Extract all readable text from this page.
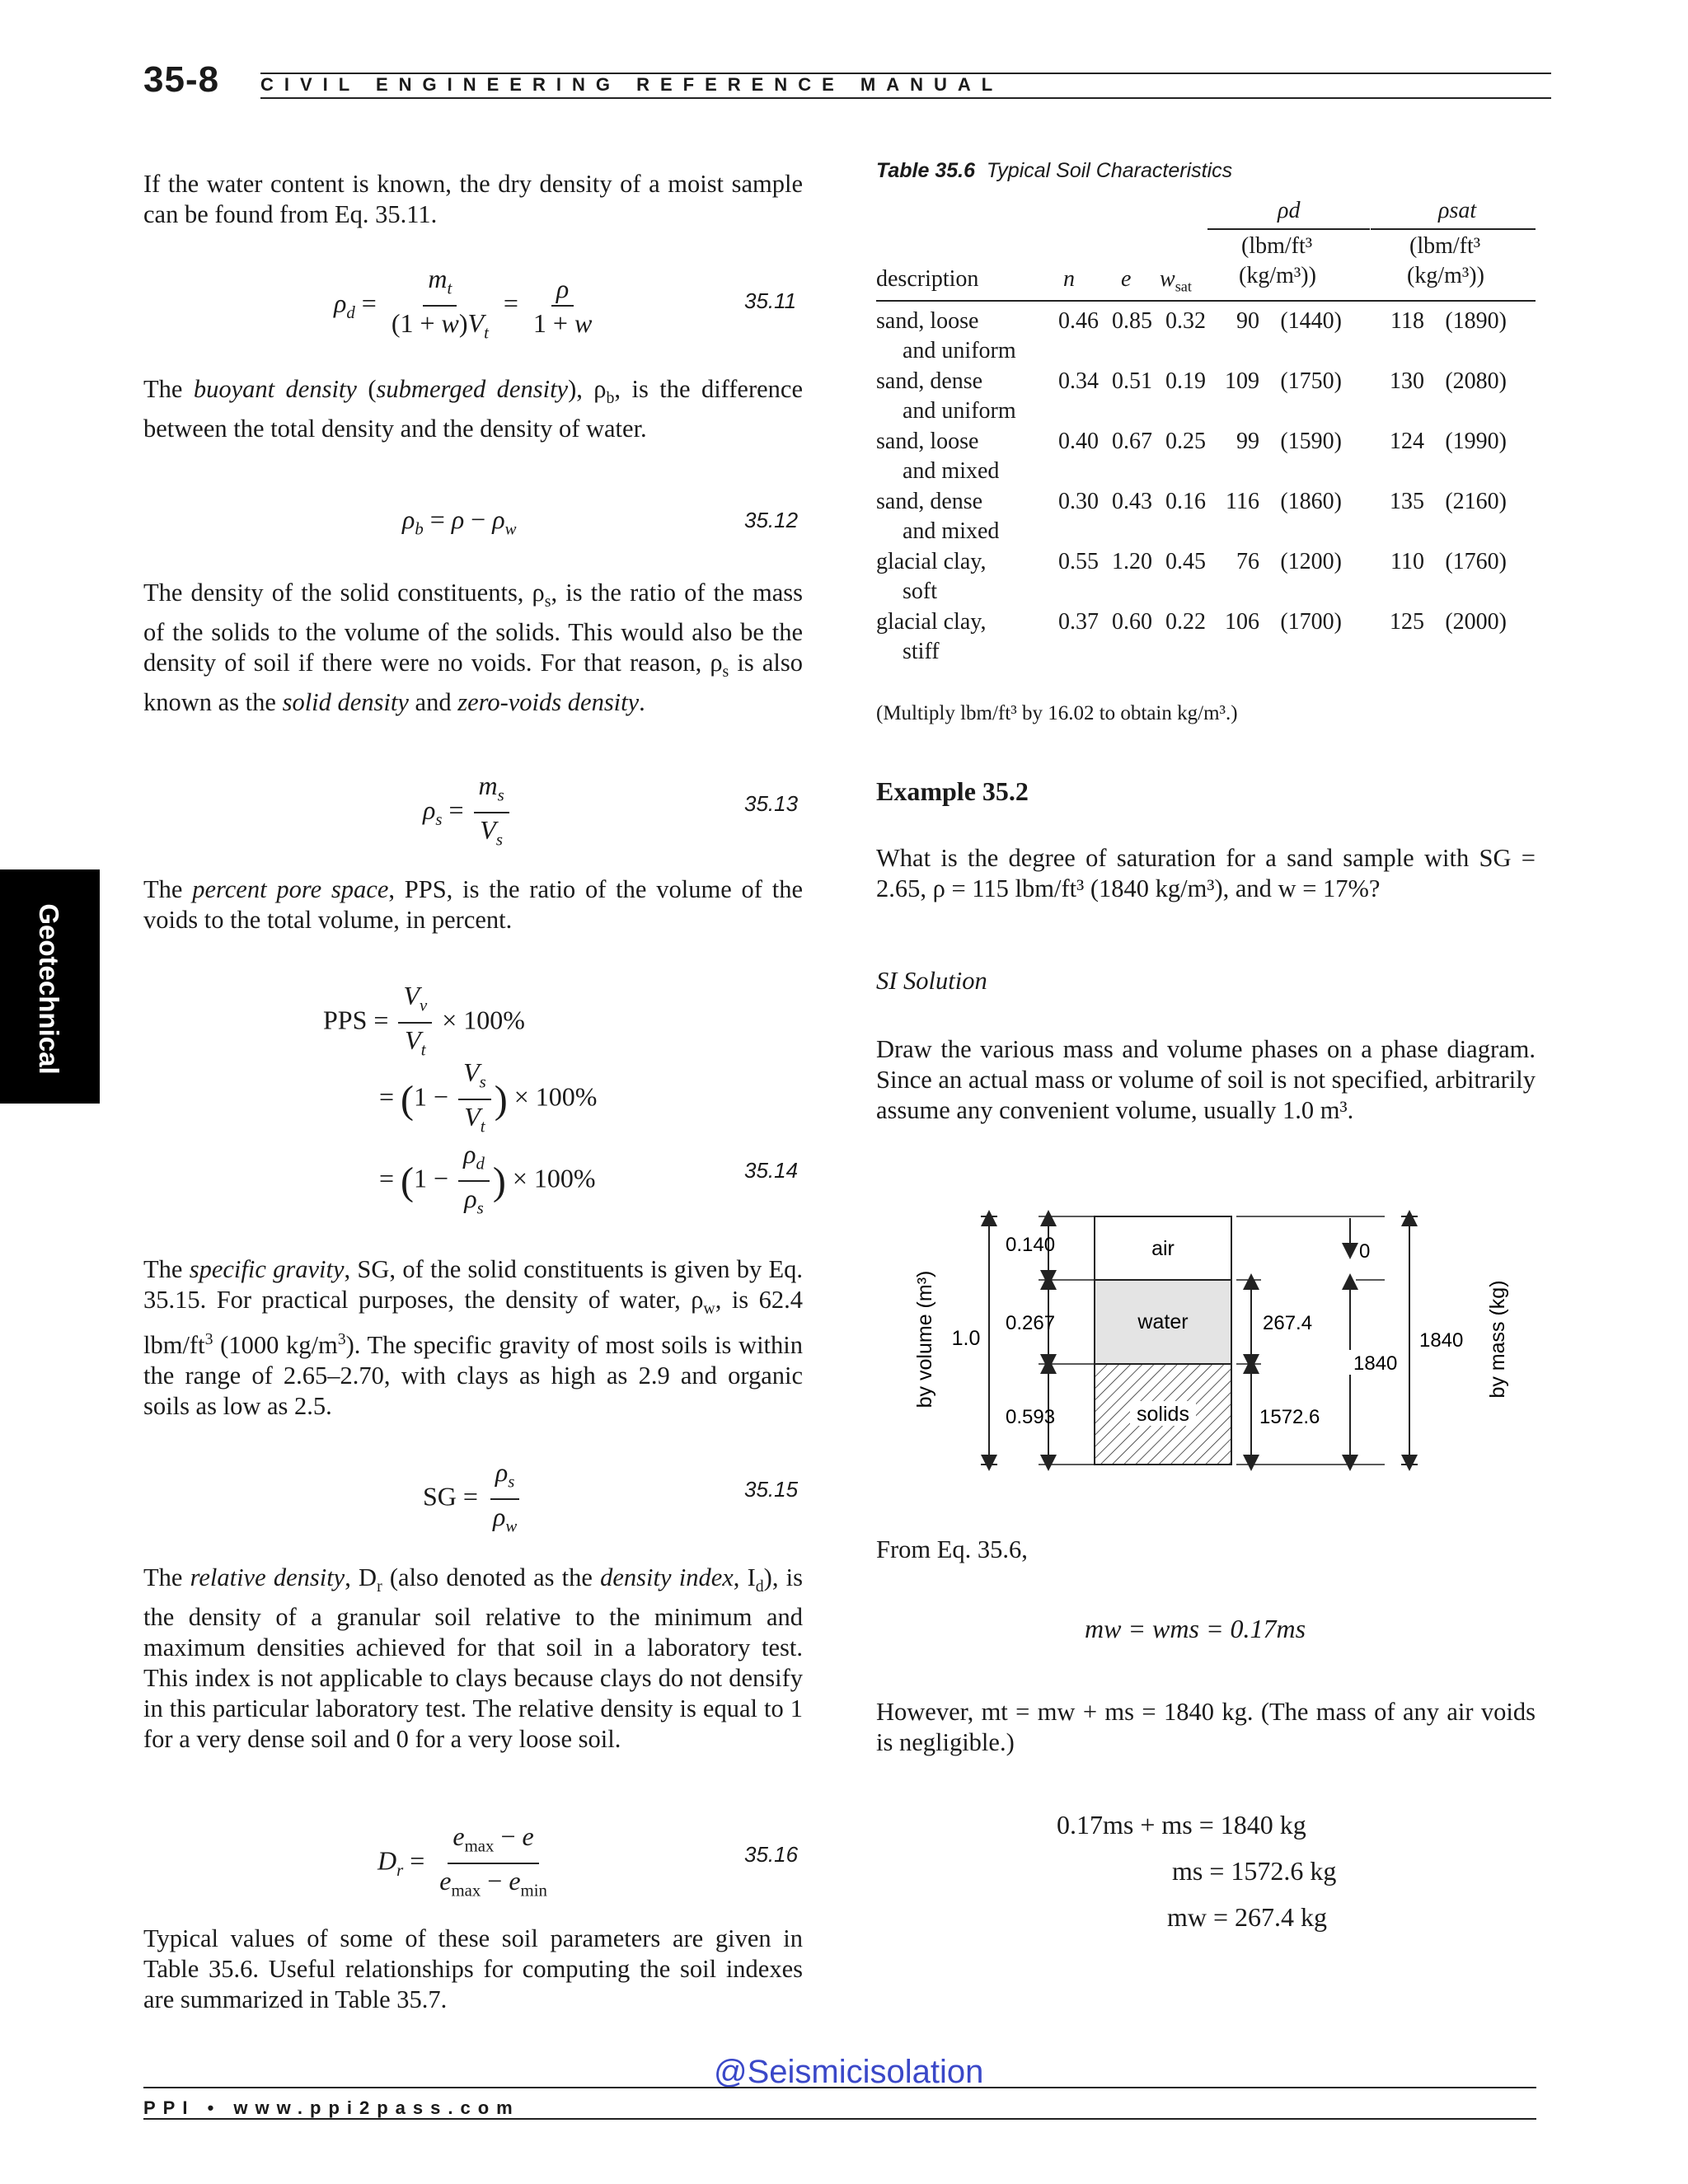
35-8 CIVIL ENGINEERING REFERENCE MANUAL
Geotechnical
If the water content is known, the dry density of a moist sample can be found from Eq. 35.11.
$\rho_d = \frac{m_t}{(1 + w)V_t} = \frac{\rho}{1 + w}$	35.11
The buoyant density (submerged density), $\rho_b$, is the difference between the total density and the density of water.
$\rho_b = \rho - \rho_w$	35.12
The density of the solid constituents, $\rho_s$, is the ratio of the mass of the solids to the volume of the solids. This would also be the density of soil if there were no voids. For that reason, $\rho_s$ is also known as the solid density and zero-voids density.
$\rho_s = \frac{m_s}{V_s}$	35.13
The percent pore space, PPS, is the ratio of the volume of the voids to the total volume, in percent.
PPS = $\frac{V_v}{V_t} \times 100\%$
= ($1 - \frac{V_s}{V_t}$ ) × 100%
= ($1 - \frac{\rho_d}{\rho_s}$ ) × 100%	35.14
The specific gravity, SG, of the solid constituents is given by Eq. 35.15. For practical purposes, the density of water, $\rho_w$, is 62.4 lbm/$ft^3$ (1000 $kg/m^3$). The specific gravity of most soils is within the range of 2.65–2.70, with clays as high as 2.9 and organic soils as low as 2.5.
SG = $\frac{\rho_s}{\rho_w}$	35.15
The relative density, $D_r$ (also denoted as the density index, $I_d$), is the density of a granular soil relative to the minimum and maximum densities achieved for that soil in a laboratory test. This index is not applicable to clays because clays do not densify in this particular laboratory test. The relative density is equal to 1 for a very dense soil and 0 for a very loose soil.
$D_r = \frac{e_{max} - e}{e_{max} - e_{min}}$	35.16
Typical values of some of these soil parameters are given in Table 35.6. Useful relationships for computing the soil indexes are summarized in Table 35.7.
Table 35.6 Typical Soil Characteristics
ρd	ρsat
(lbm/ft³
(kg/m³))
(lbm/ft³
(kg/m³))
description	n e $w_{sat}$
sand, loose
and uniform
0.46 0.85 0.32	90 (1440)	118 (1890)
sand, dense
and uniform
0.34 0.51 0.19 109 (1750) 130 (2080)
sand, loose
and mixed
0.40 0.67 0.25	99 (1590) 124 (1990)
sand, dense
and mixed
0.30 0.43 0.16 116 (1860) 135 (2160)
glacial clay,
soft
0.55 1.20 0.45	76 (1200)	110 (1760)
glacial clay,
stiff
0.37 0.60 0.22 106 (1700) 125 (2000)
(Multiply lbm/ft³ by 16.02 to obtain kg/m³.)
Example 35.2
What is the degree of saturation for a sand sample with SG = 2.65, ρ = 115 lbm/ft³ (1840 kg/m³), and w = 17%?
SI Solution
Draw the various mass and volume phases on a phase diagram. Since an actual mass or volume of soil is not specified, arbitrarily assume any convenient volume, usually 1.0 m³.
by volume (m³) 1.0
0.140
0.267
0.593
air
water
solids
267.4
1572.6
0
1840
1840 by mass (kg)
From Eq. 35.6,
mw = wms = 0.17ms
However, mt = mw + ms = 1840 kg. (The mass of any air voids is negligible.)
0.17ms + ms = 1840 kg
ms = 1572.6 kg
mw = 267.4 kg
@Seismicisolation
PPI • www.ppi2pass.com
